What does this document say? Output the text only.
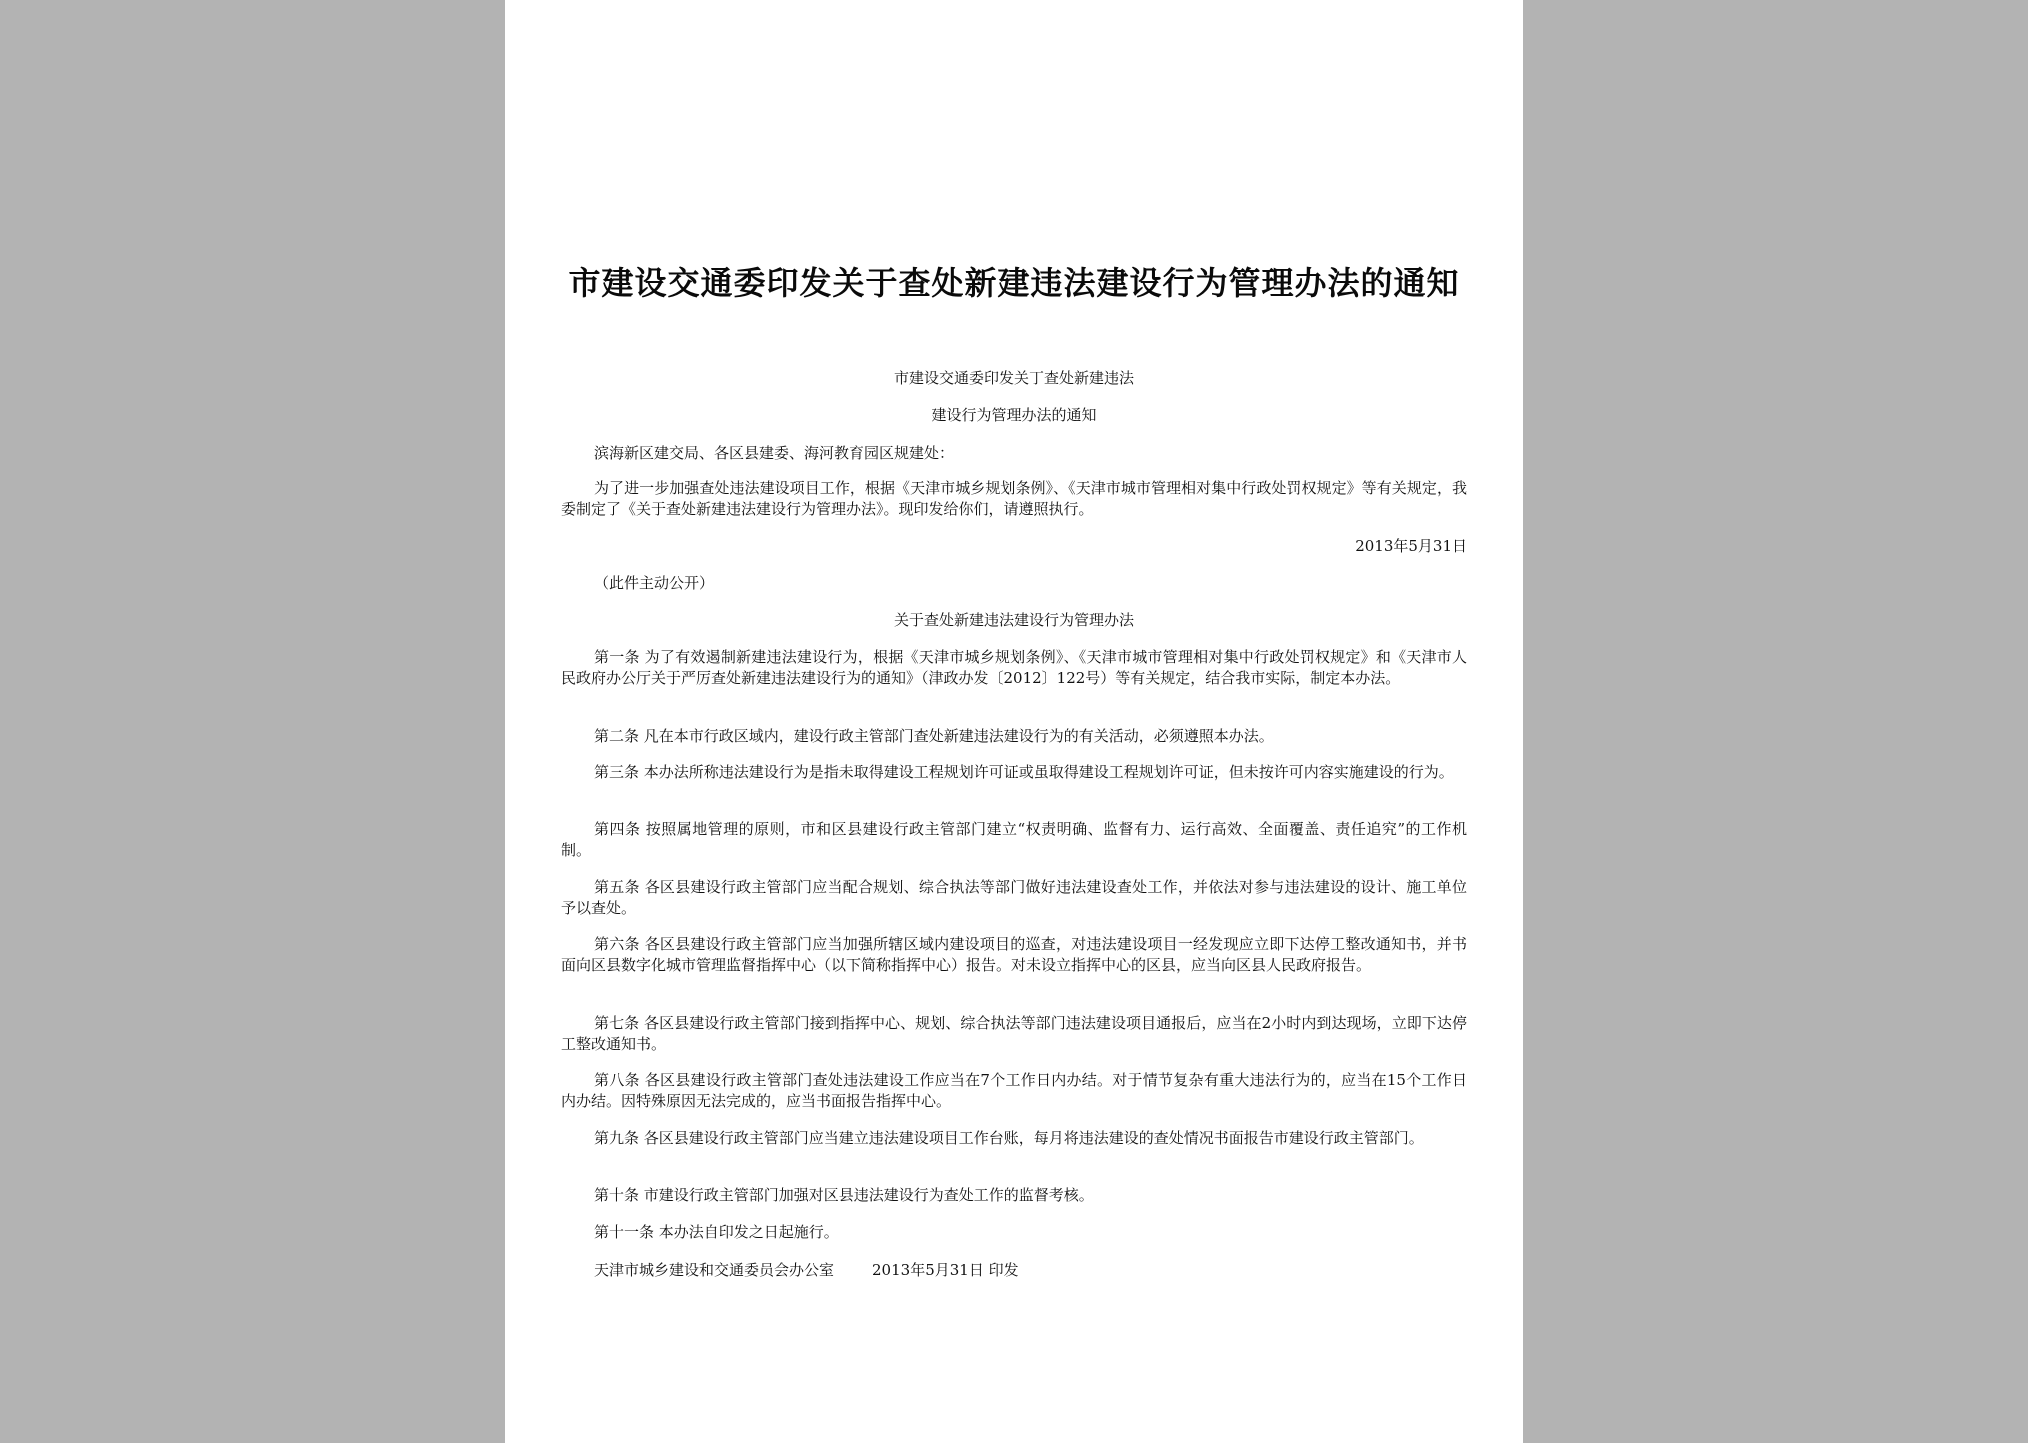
市建设交通委印发关于查处新建违法建设行为管理办法的通知

市建设交通委印发关丁查处新建违法

建设行为管理办法的通知

滨海新区建交局、各区县建委、海河教育园区规建处：

为了进一步加强查处违法建设项目工作，根据《天津市城乡规划条例》、《天津市城市管理相对集中行政处罚权规定》等有关规定，我委制定了《关于查处新建违法建设行为管理办法》。现印发给你们，请遵照执行。

2013年5月31日

（此件主动公开）

关于查处新建违法建设行为管理办法

第一条 为了有效遏制新建违法建设行为，根据《天津市城乡规划条例》、《天津市城市管理相对集中行政处罚权规定》和《天津市人民政府办公厅关于严厉查处新建违法建设行为的通知》（津政办发〔2012〕122号）等有关规定，结合我市实际，制定本办法。

第二条 凡在本市行政区域内，建设行政主管部门查处新建违法建设行为的有关活动，必须遵照本办法。

第三条 本办法所称违法建设行为是指未取得建设工程规划许可证或虽取得建设工程规划许可证，但未按许可内容实施建设的行为。

第四条 按照属地管理的原则，市和区县建设行政主管部门建立“权责明确、监督有力、运行高效、全面覆盖、责任追究”的工作机制。

第五条 各区县建设行政主管部门应当配合规划、综合执法等部门做好违法建设查处工作，并依法对参与违法建设的设计、施工单位予以查处。

第六条 各区县建设行政主管部门应当加强所辖区域内建设项目的巡查，对违法建设项目一经发现应立即下达停工整改通知书，并书面向区县数字化城市管理监督指挥中心（以下简称指挥中心）报告。对未设立指挥中心的区县，应当向区县人民政府报告。

第七条 各区县建设行政主管部门接到指挥中心、规划、综合执法等部门违法建设项目通报后，应当在2小时内到达现场，立即下达停工整改通知书。

第八条 各区县建设行政主管部门查处违法建设工作应当在7个工作日内办结。对于情节复杂有重大违法行为的，应当在15个工作日内办结。因特殊原因无法完成的，应当书面报告指挥中心。

第九条 各区县建设行政主管部门应当建立违法建设项目工作台账，每月将违法建设的查处情况书面报告市建设行政主管部门。

第十条 市建设行政主管部门加强对区县违法建设行为查处工作的监督考核。

第十一条 本办法自印发之日起施行。

天津市城乡建设和交通委员会办公室	2013年5月31日 印发
